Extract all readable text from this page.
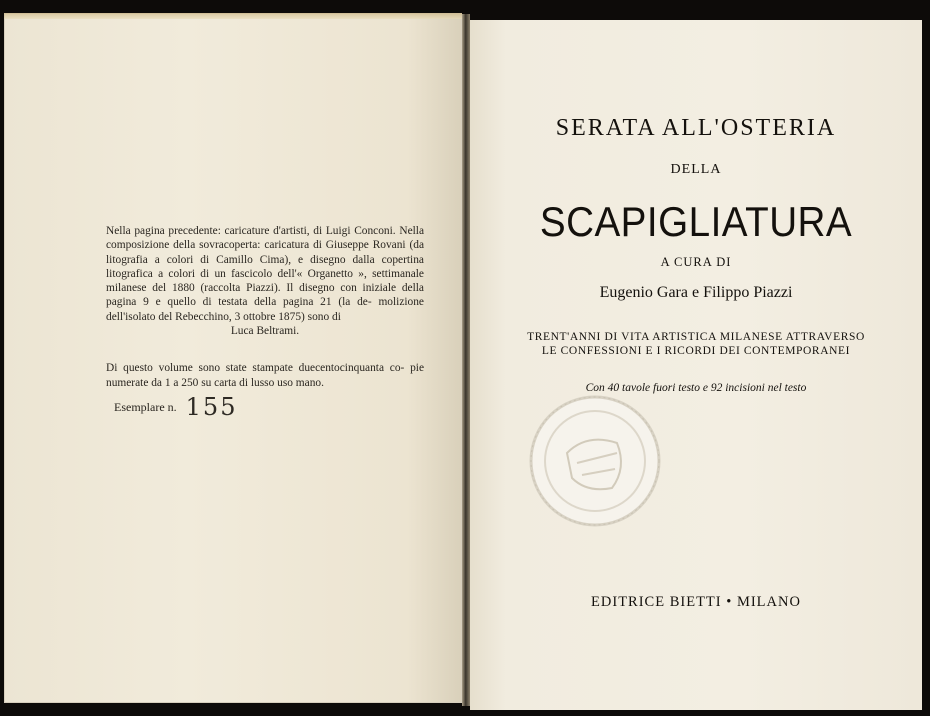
Nella pagina precedente: caricature d'artisti, di Luigi Conconi. Nella composizione della sovracoperta: caricatura di Giuseppe Rovani (da litografia a colori di Camillo Cima), e disegno dalla copertina litografica a colori di un fascicolo dell'« Organetto », settimanale milanese del 1880 (raccolta Piazzi). Il disegno con iniziale della pagina 9 e quello di testata della pagina 21 (la de- molizione dell'isolato del Rebecchino, 3 ottobre 1875) sono di
Luca Beltrami.
Di questo volume sono state stampate duecentocinquanta co- pie numerate da 1 a 250 su carta di lusso uso mano.
Esemplare n. 155
SERATA ALL'OSTERIA
DELLA
SCAPIGLIATURA
A CURA DI
Eugenio Gara e Filippo Piazzi
TRENT'ANNI DI VITA ARTISTICA MILANESE ATTRAVERSO
LE CONFESSIONI E I RICORDI DEI CONTEMPORANEI
Con 40 tavole fuori testo e 92 incisioni nel testo
EDITRICE BIETTI • MILANO
